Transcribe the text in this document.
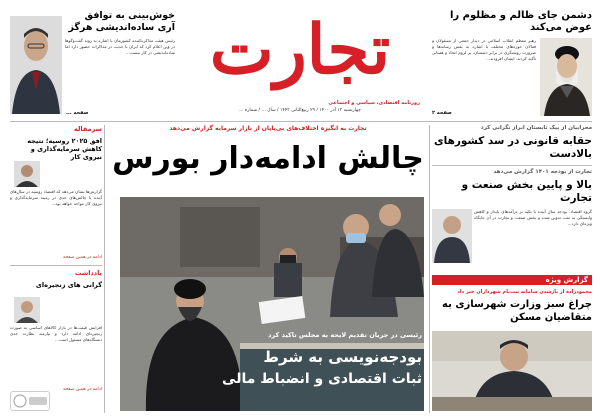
تجارت
روزنامه اقتصادی، سیاسی و اجتماعی
چهارشنبه ۱۳ آذر ۱۴۰۰ / ۲۹ ربیع‌الثانی ۱۴۴۳ / سال ... / شماره ...
دشمن جای ظالم و مظلوم را عوض می‌کند
رهبر معظم انقلاب اسلامی در دیدار جمعی از مسئولان و فعالان حوزه‌های مختلف با اشاره به نقش رسانه‌ها و ضرورت روشنگری در برابر دشمنان، بر لزوم اتحاد و همدلی تأکید کردند. ایشان افزودند...
صفحه ۲
خوش‌بینی به توافق آری ساده‌اندیشی هرگز
رئیس هیئت مذاکره‌کننده کشورمان با اشاره به روند گفت‌وگوها در وین اعلام کرد که ایران با جدیت در مذاکرات حضور دارد اما ساده‌اندیشی در کار نیست...
صفحه ...
سرمقاله
افق ۲۰۲۵ روسیه؛ نتیجه کاهش سرمایه‌گذاری و نیروی کار
گزارش‌ها نشان می‌دهد که اقتصاد روسیه در سال‌های آینده با چالش‌های جدی در زمینه سرمایه‌گذاری و نیروی کار مواجه خواهد بود...
ادامه در همین صفحه
یادداشت
گرانی های زنجیره‌ای
افزایش قیمت‌ها در بازار کالاهای اساسی به صورت زنجیره‌ای ادامه دارد و نیازمند نظارت جدی دستگاه‌های مسئول است...
ادامه در همین صفحه
تجارت به انگیزه اختلاف‌های بی‌پایان از بازار سرمایه گزارش می‌دهد
چالش ادامه‌دار بورس
رئیسی در جریان تقدیم لایحه به مجلس تاکید کرد
بودجه‌نویسی به شرط
ثبات اقتصادی و انضباط مالی
محرابیان از پیک تابستان ابراز نگرانی کرد
حقابه قانونی در سد کشورهای بالادست
تجارت از بودجه ۱۴۰۱ گزارش می‌دهد
بالا و پایین بخش صنعت و تجارت
گروه اقتصاد: بودجه سال آینده با تکیه بر درآمدهای پایدار و کاهش وابستگی به نفت تدوین شده و بخش صنعت و تجارت در آن جایگاه ویژه‌ای دارد...
گزارش ویژه
محمودزاده از بازشدن سامانه ثبت‌نام شهرداران خبر داد
چراغ سبز وزارت شهرسازی به متقاضیان مسکن
